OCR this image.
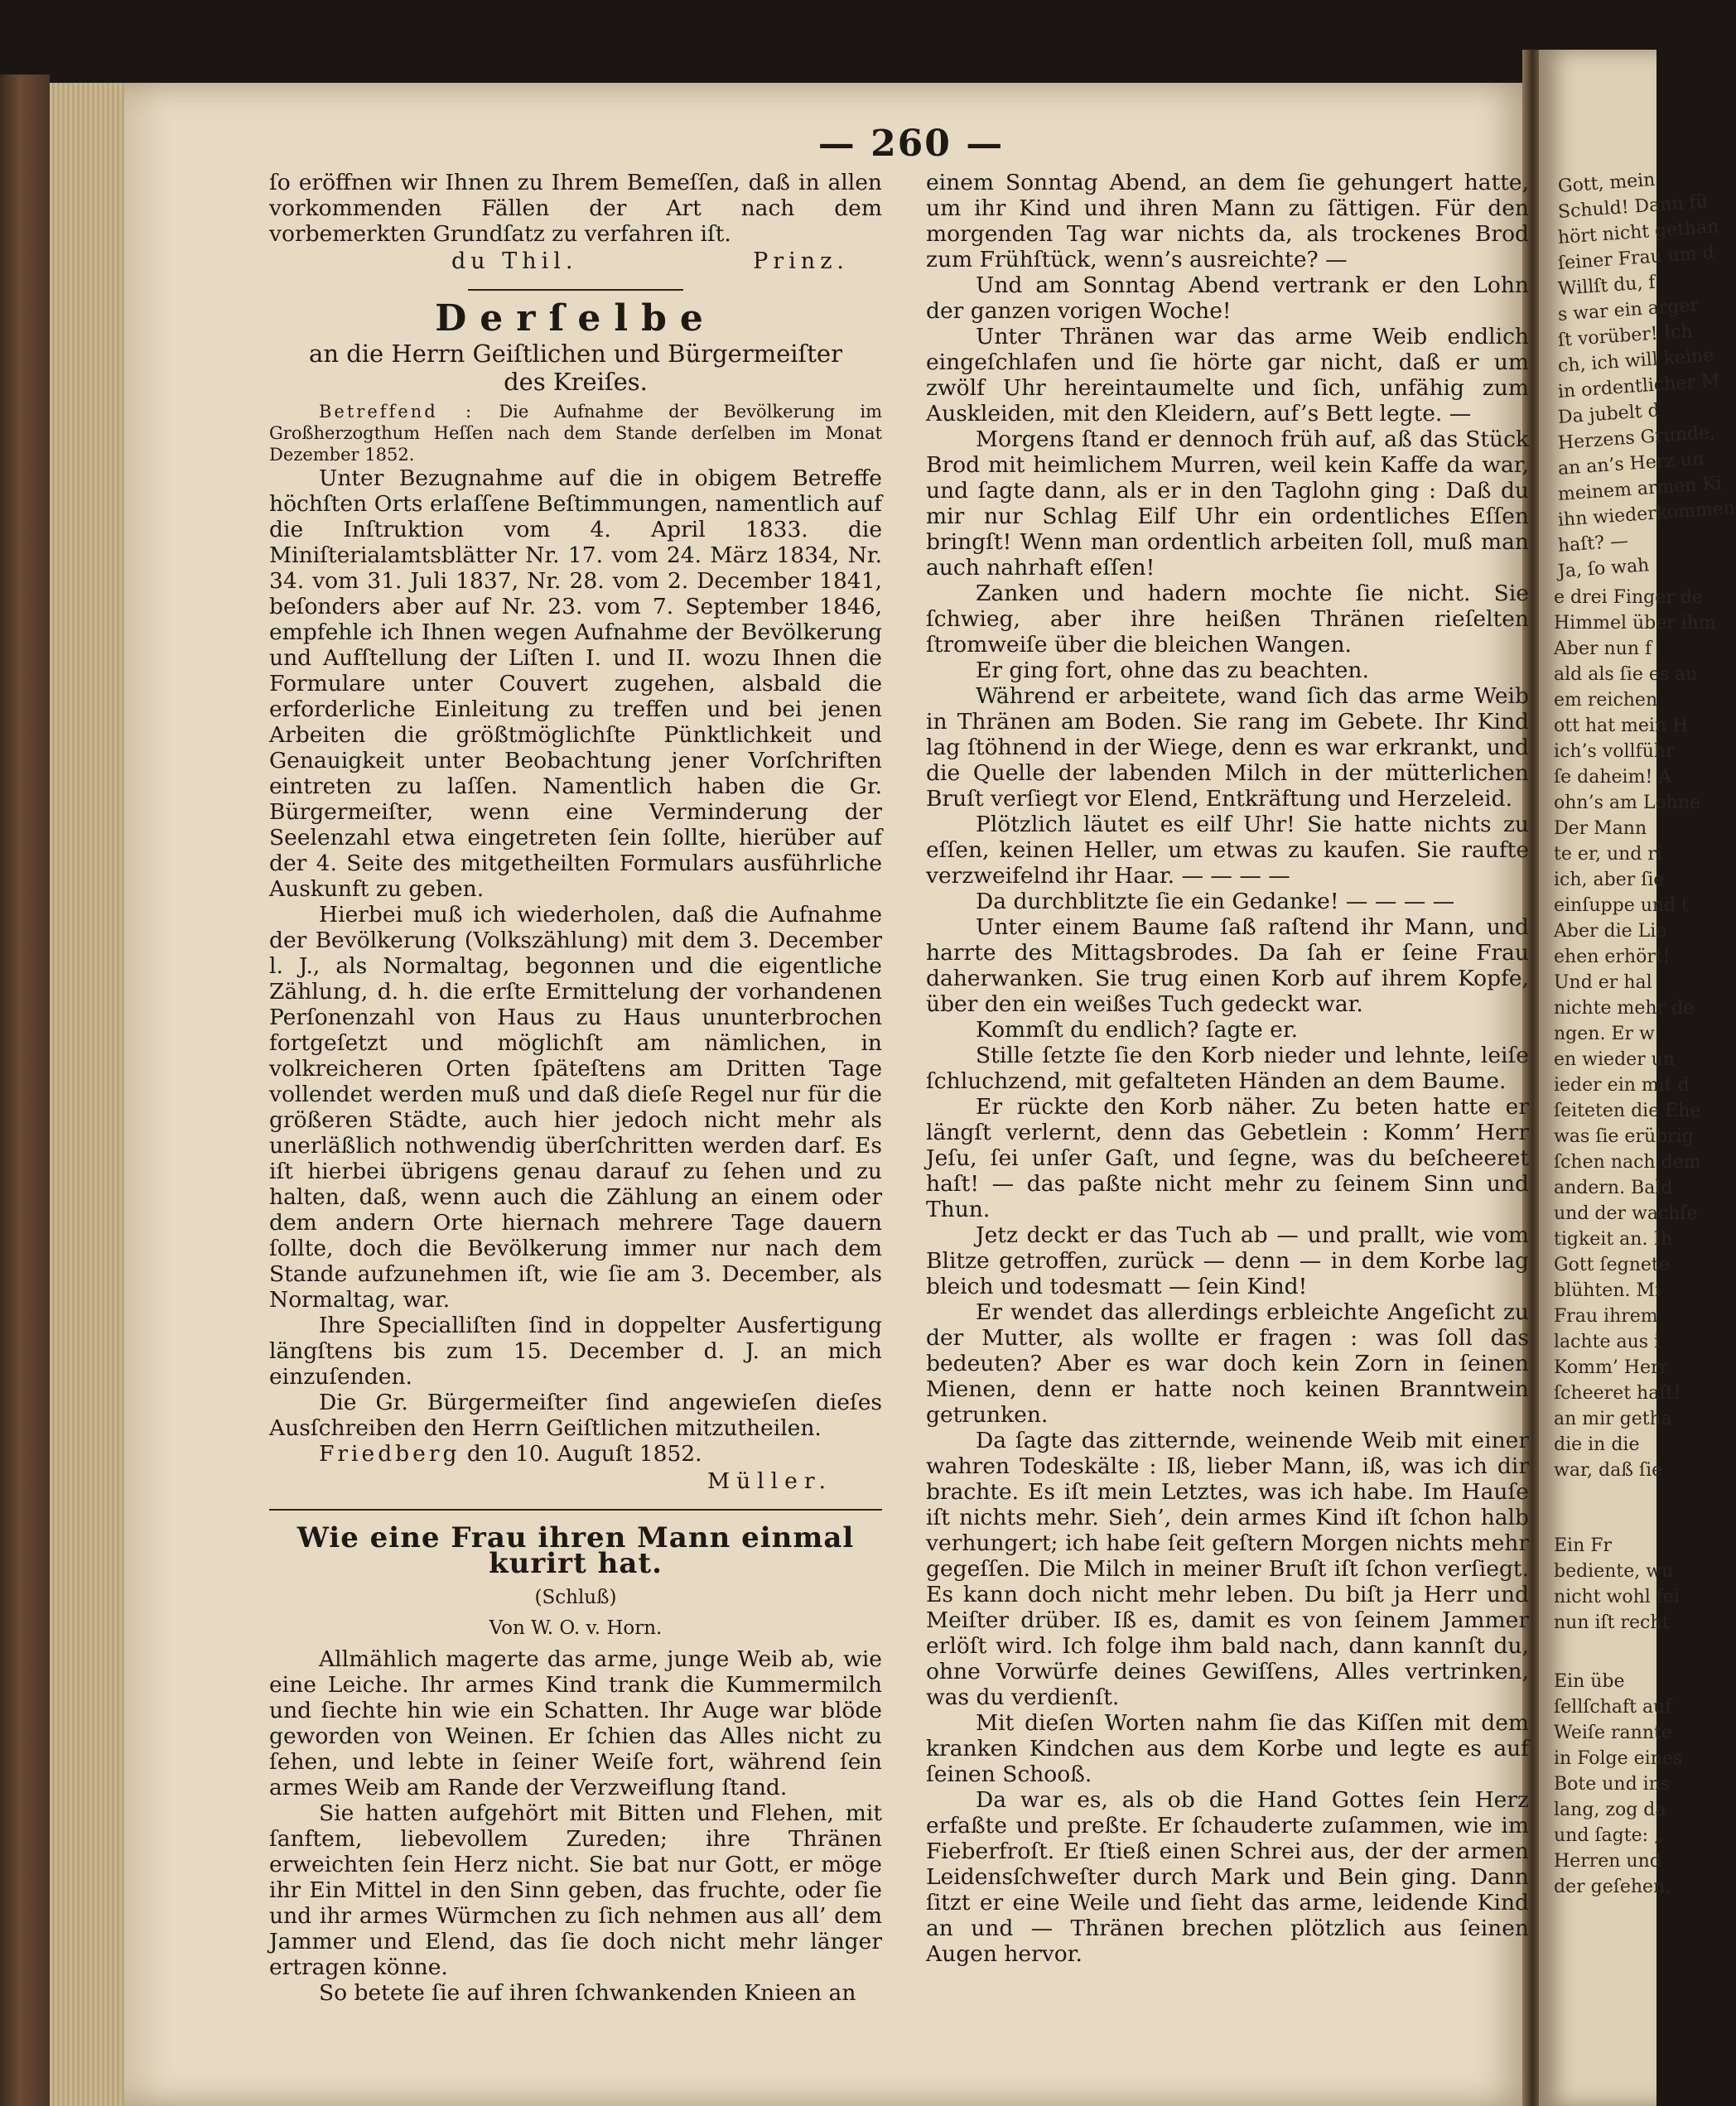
Gott, mein
Schuld! Dann fü
hört nicht gethan
ſeiner Frau um d
Willſt du, f
s war ein arger
ſt vorüber! Ich
ch, ich will keine
in ordentlicher M
Da jubelt d
Herzens Grunde,
an an’s Herz un
meinem armen Ki
ihn wiederkommen
haſt? —
Ja, ſo wah
e drei Finger de
Himmel über ihm
Aber nun f
ald als ſie es au
em reichen
ott hat mein H
ich’s vollführ
ſe daheim! A
ohn’s am Lohne
Der Mann
te er, und ri
ich, aber ſie
einſuppe und t
Aber die Lie
ehen erhört!
Und er hal
nichte mehr de
ngen. Er w
en wieder un
ieder ein mit d
ſeiteten die Ehe
was ſie erübrig
ſchen nach dem
andern. Bald
und der wachſe
tigkeit an. Ih
Gott ſegnete
blühten. Mi
Frau ihrem
lachte aus i
Komm’ Herr
ſcheeret haſt!
an mir getha
die in die
war, daß ſie
Ein Fr
bediente, wu
nicht wohl fei
nun iſt recht
Ein übe
ſellſchaft auf
Weiſe rannte
in Folge eines
Bote und ins
lang, zog da
und ſagte: „
Herren und
der geſehen.
— 260 —

ſo eröffnen wir Ihnen zu Ihrem Bemeſſen, daß in allen vorkommenden Fällen der Art nach dem vorbemerkten Grundſatz zu verfahren iſt.

du Thil.	Prinz.
Derſelbe
an die Herrn Geiſtlichen und Bürgermeiſter des Kreiſes.

Betreffend : Die Aufnahme der Bevölkerung im Großherzogthum Heſſen nach dem Stande derſelben im Monat Dezember 1852.

Unter Bezugnahme auf die in obigem Betreffe höchſten Orts erlaſſene Beſtimmungen, namentlich auf die Inſtruktion vom 4. April 1833. die Miniſterialamtsblätter Nr. 17. vom 24. März 1834, Nr. 34. vom 31. Juli 1837, Nr. 28. vom 2. December 1841, beſonders aber auf Nr. 23. vom 7. September 1846, empfehle ich Ihnen wegen Aufnahme der Bevölkerung und Aufſtellung der Liſten I. und II. wozu Ihnen die Formulare unter Couvert zugehen, alsbald die erforderliche Einleitung zu treffen und bei jenen Arbeiten die größtmöglichſte Pünktlichkeit und Genauigkeit unter Beobachtung jener Vorſchriften eintreten zu laſſen. Namentlich haben die Gr. Bürgermeiſter, wenn eine Verminderung der Seelenzahl etwa eingetreten ſein ſollte, hierüber auf der 4. Seite des mitgetheilten Formulars ausführliche Auskunft zu geben.

Hierbei muß ich wiederholen, daß die Aufnahme der Bevölkerung (Volkszählung) mit dem 3. December l. J., als Normaltag, begonnen und die eigentliche Zählung, d. h. die erſte Ermittelung der vorhandenen Perſonenzahl von Haus zu Haus ununterbrochen fortgeſetzt und möglichſt am nämlichen, in volkreicheren Orten ſpäteſtens am Dritten Tage vollendet werden muß und daß dieſe Regel nur für die größeren Städte, auch hier jedoch nicht mehr als unerläßlich nothwendig überſchritten werden darf. Es iſt hierbei übrigens genau darauf zu ſehen und zu halten, daß, wenn auch die Zählung an einem oder dem andern Orte hiernach mehrere Tage dauern ſollte, doch die Bevölkerung immer nur nach dem Stande aufzunehmen iſt, wie ſie am 3. December, als Normaltag, war.

Ihre Specialliſten ſind in doppelter Ausfertigung längſtens bis zum 15. December d. J. an mich einzuſenden.

Die Gr. Bürgermeiſter ſind angewieſen dieſes Ausſchreiben den Herrn Geiſtlichen mitzutheilen.

Friedberg den 10. Auguſt 1852.

Müller.
Wie eine Frau ihren Mann einmal kurirt hat.
(Schluß)
Von W. O. v. Horn.

Allmählich magerte das arme, junge Weib ab, wie eine Leiche. Ihr armes Kind trank die Kummermilch und ſiechte hin wie ein Schatten. Ihr Auge war blöde geworden von Weinen. Er ſchien das Alles nicht zu ſehen, und lebte in ſeiner Weiſe fort, während ſein armes Weib am Rande der Verzweiflung ſtand.

Sie hatten aufgehört mit Bitten und Flehen, mit ſanftem, liebevollem Zureden; ihre Thränen erweichten ſein Herz nicht. Sie bat nur Gott, er möge ihr Ein Mittel in den Sinn geben, das fruchte, oder ſie und ihr armes Würmchen zu ſich nehmen aus all’ dem Jammer und Elend, das ſie doch nicht mehr länger ertragen könne.

So betete ſie auf ihren ſchwankenden Knieen an

einem Sonntag Abend, an dem ſie gehungert hatte, um ihr Kind und ihren Mann zu ſättigen. Für den morgenden Tag war nichts da, als trockenes Brod zum Frühſtück, wenn’s ausreichte? —

Und am Sonntag Abend vertrank er den Lohn der ganzen vorigen Woche!

Unter Thränen war das arme Weib endlich eingeſchlafen und ſie hörte gar nicht, daß er um zwölf Uhr hereintaumelte und ſich, unfähig zum Auskleiden, mit den Kleidern, auf’s Bett legte. —

Morgens ſtand er dennoch früh auf, aß das Stück Brod mit heimlichem Murren, weil kein Kaffe da war, und ſagte dann, als er in den Taglohn ging : Daß du mir nur Schlag Eilf Uhr ein ordentliches Eſſen bringſt! Wenn man ordentlich arbeiten ſoll, muß man auch nahrhaft eſſen!

Zanken und hadern mochte ſie nicht. Sie ſchwieg, aber ihre heißen Thränen rieſelten ſtromweiſe über die bleichen Wangen.

Er ging fort, ohne das zu beachten.

Während er arbeitete, wand ſich das arme Weib in Thränen am Boden. Sie rang im Gebete. Ihr Kind lag ſtöhnend in der Wiege, denn es war erkrankt, und die Quelle der labenden Milch in der mütterlichen Bruſt verſiegt vor Elend, Entkräftung und Herzeleid.

Plötzlich läutet es eilf Uhr! Sie hatte nichts zu eſſen, keinen Heller, um etwas zu kaufen. Sie raufte verzweifelnd ihr Haar. — — — —

Da durchblitzte ſie ein Gedanke! — — — —

Unter einem Baume ſaß raſtend ihr Mann, und harrte des Mittagsbrodes. Da ſah er ſeine Frau daherwanken. Sie trug einen Korb auf ihrem Kopfe, über den ein weißes Tuch gedeckt war.

Kommſt du endlich? ſagte er.

Stille ſetzte ſie den Korb nieder und lehnte, leiſe ſchluchzend, mit gefalteten Händen an dem Baume.

Er rückte den Korb näher. Zu beten hatte er längſt verlernt, denn das Gebetlein : Komm’ Herr Jeſu, ſei unſer Gaſt, und ſegne, was du beſcheeret haſt! — das paßte nicht mehr zu ſeinem Sinn und Thun.

Jetz deckt er das Tuch ab — und prallt, wie vom Blitze getroffen, zurück — denn — in dem Korbe lag bleich und todesmatt — ſein Kind!

Er wendet das allerdings erbleichte Angeſicht zu der Mutter, als wollte er fragen : was ſoll das bedeuten? Aber es war doch kein Zorn in ſeinen Mienen, denn er hatte noch keinen Branntwein getrunken.

Da ſagte das zitternde, weinende Weib mit einer wahren Todeskälte : Iß, lieber Mann, iß, was ich dir brachte. Es iſt mein Letztes, was ich habe. Im Hauſe iſt nichts mehr. Sieh’, dein armes Kind iſt ſchon halb verhungert; ich habe ſeit geſtern Morgen nichts mehr gegeſſen. Die Milch in meiner Bruſt iſt ſchon verſiegt. Es kann doch nicht mehr leben. Du biſt ja Herr und Meiſter drüber. Iß es, damit es von ſeinem Jammer erlöſt wird. Ich folge ihm bald nach, dann kannſt du, ohne Vorwürfe deines Gewiſſens, Alles vertrinken, was du verdienſt.

Mit dieſen Worten nahm ſie das Kiſſen mit dem kranken Kindchen aus dem Korbe und legte es auf ſeinen Schooß.

Da war es, als ob die Hand Gottes ſein Herz erfaßte und preßte. Er ſchauderte zuſammen, wie im Fieberfroſt. Er ſtieß einen Schrei aus, der der armen Leidensſchweſter durch Mark und Bein ging. Dann ſitzt er eine Weile und ſieht das arme, leidende Kind an und — Thränen brechen plötzlich aus ſeinen Augen hervor.
